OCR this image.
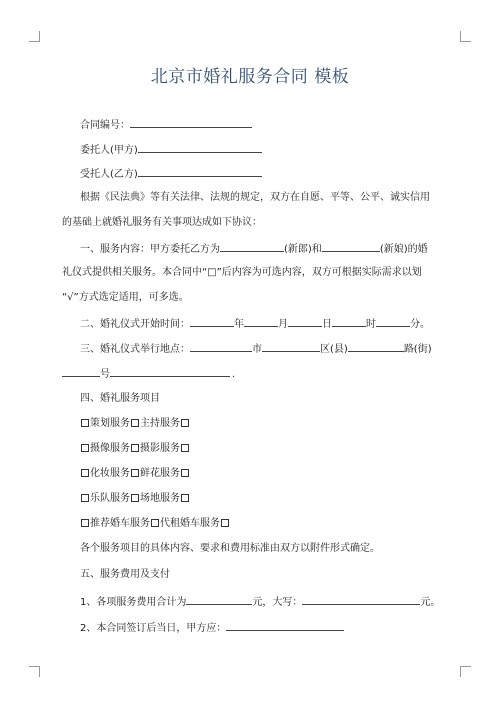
北京市婚礼服务合同 模板
合同编号：
委托人(甲方)
受托人(乙方)
根据《民法典》等有关法律、法规的规定，双方在自愿、平等、公平、诚实信用
的基础上就婚礼服务有关事项达成如下协议：
一、服务内容：甲方委托乙方为	(新郎)和	(新娘)的婚
礼仪式提供相关服务。本合同中“□”后内容为可选内容，双方可根据实际需求以划
“√”方式选定适用，可多选。
二、婚礼仪式开始时间：	年	月	日	时	分。
三、婚礼仪式举行地点：	市	区(县)	路(街)
号	.
四、婚礼服务项目
策划服务 主持服务
摄像服务 摄影服务
化妆服务 鲜花服务
乐队服务 场地服务
推荐婚车服务 代租婚车服务
各个服务项目的具体内容、要求和费用标准由双方以附件形式确定。
五、服务费用及支付
1、各项服务费用合计为	元，大写：	元。
2、本合同签订后当日，甲方应：
